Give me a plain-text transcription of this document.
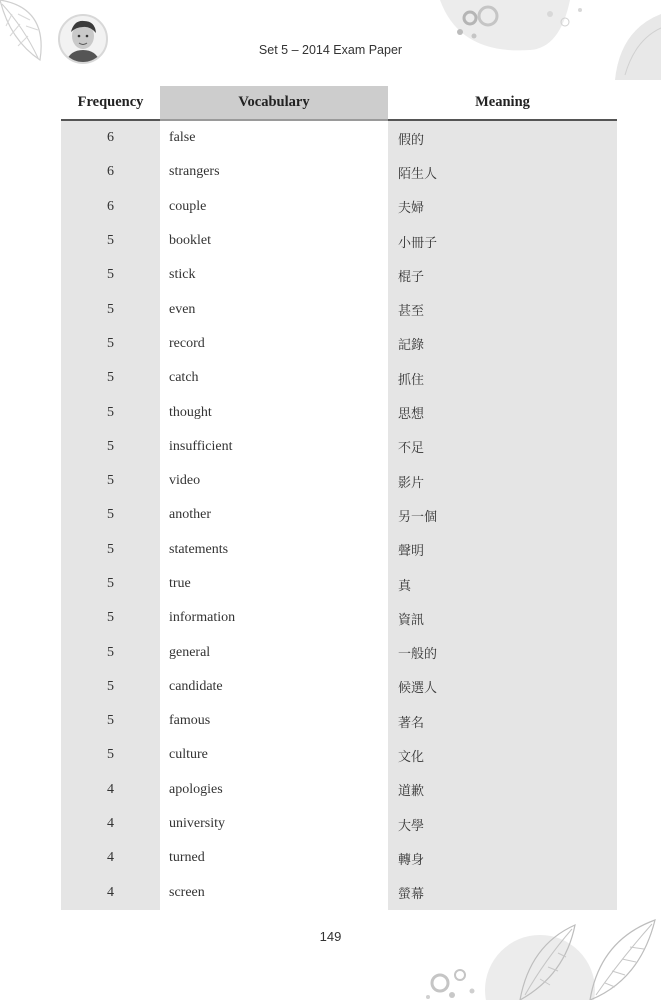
Set 5 – 2014 Exam Paper
Frequency	Vocabulary	Meaning
6	false	假的
6	strangers	陌生人
6	couple	夫婦
5	booklet	小冊子
5	stick	棍子
5	even	甚至
5	record	記錄
5	catch	抓住
5	thought	思想
5	insufficient	不足
5	video	影片
5	another	另一個
5	statements	聲明
5	true	真
5	information	資訊
5	general	一般的
5	candidate	候選人
5	famous	著名
5	culture	文化
4	apologies	道歉
4	university	大學
4	turned	轉身
4	screen	螢幕
149
